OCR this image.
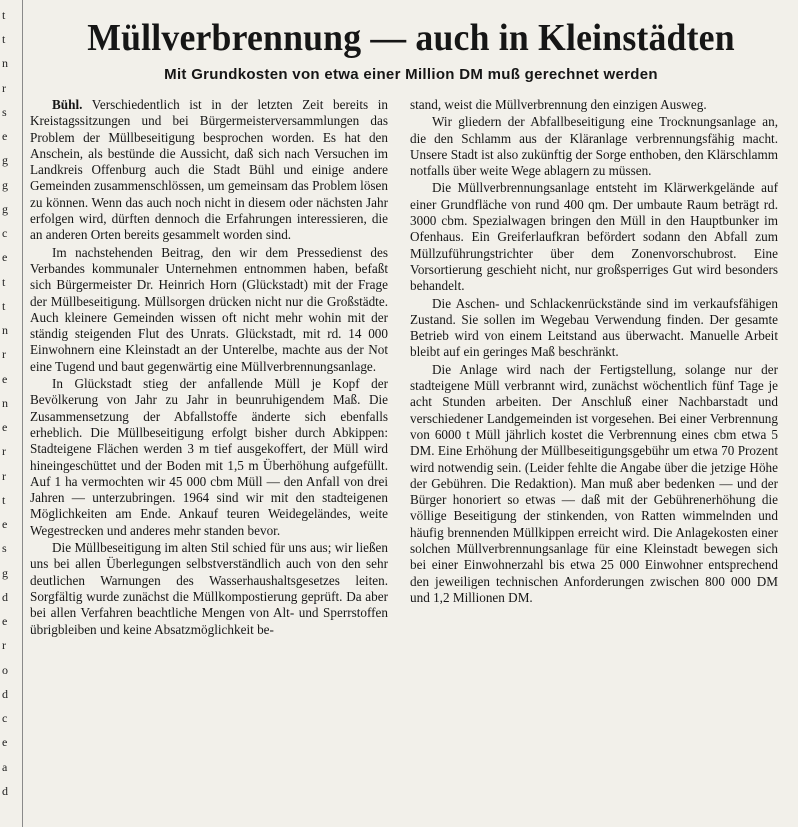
t
t
n
r
s
e
g
g
g
c
e
t
t
n
r
e
n
e
r
r
t
e
s
g
d
e
r
o
d
c
e
a
d
Müllverbrennung — auch in Kleinstädten
Mit Grundkosten von etwa einer Million DM muß gerechnet werden

Bühl. Verschiedentlich ist in der letzten Zeit bereits in Kreistagssitzungen und bei Bürgermeisterversammlungen das Problem der Müllbeseitigung besprochen worden. Es hat den Anschein, als bestünde die Aussicht, daß sich nach Versuchen im Landkreis Offenburg auch die Stadt Bühl und einige andere Gemeinden zusammenschlössen, um gemeinsam das Problem lösen zu können. Wenn das auch noch nicht in diesem oder nächsten Jahr erfolgen wird, dürften dennoch die Erfahrungen interessieren, die an anderen Orten bereits gesammelt worden sind.

Im nachstehenden Beitrag, den wir dem Pressedienst des Verbandes kommunaler Unternehmen entnommen haben, befaßt sich Bürgermeister Dr. Heinrich Horn (Glückstadt) mit der Frage der Müllbeseitigung. Müllsorgen drücken nicht nur die Großstädte. Auch kleinere Gemeinden wissen oft nicht mehr wohin mit der ständig steigenden Flut des Unrats. Glückstadt, mit rd. 14 000 Einwohnern eine Kleinstadt an der Unterelbe, machte aus der Not eine Tugend und baut gegenwärtig eine Müllverbrennungsanlage.

In Glückstadt stieg der anfallende Müll je Kopf der Bevölkerung von Jahr zu Jahr in beunruhigendem Maß. Die Zusammensetzung der Abfallstoffe änderte sich ebenfalls erheblich. Die Müllbeseitigung erfolgt bisher durch Abkippen: Stadteigene Flächen werden 3 m tief ausgekoffert, der Müll wird hineingeschüttet und der Boden mit 1,5 m Überhöhung aufgefüllt. Auf 1 ha vermochten wir 45 000 cbm Müll — den Anfall von drei Jahren — unterzubringen. 1964 sind wir mit den stadteigenen Möglichkeiten am Ende. Ankauf teuren Weidegeländes, weite Wegestrecken und anderes mehr standen bevor.

Die Müllbeseitigung im alten Stil schied für uns aus; wir ließen uns bei allen Überlegungen selbstverständlich auch von den sehr deutlichen Warnungen des Wasserhaushaltsgesetzes leiten. Sorgfältig wurde zunächst die Müllkompostierung geprüft. Da aber bei allen Verfahren beachtliche Mengen von Alt- und Sperrstoffen übrigbleiben und keine Absatzmöglichkeit be-

stand, weist die Müllverbrennung den einzigen Ausweg.

Wir gliedern der Abfallbeseitigung eine Trocknungsanlage an, die den Schlamm aus der Kläranlage verbrennungsfähig macht. Unsere Stadt ist also zukünftig der Sorge enthoben, den Klärschlamm notfalls über weite Wege ablagern zu müssen.

Die Müllverbrennungsanlage entsteht im Klärwerkgelände auf einer Grundfläche von rund 400 qm. Der umbaute Raum beträgt rd. 3000 cbm. Spezialwagen bringen den Müll in den Hauptbunker im Ofenhaus. Ein Greiferlaufkran befördert sodann den Abfall zum Müllzuführungstrichter über dem Zonenvorschubrost. Eine Vorsortierung geschieht nicht, nur großsperriges Gut wird besonders behandelt.

Die Aschen- und Schlackenrückstände sind im verkaufsfähigen Zustand. Sie sollen im Wegebau Verwendung finden. Der gesamte Betrieb wird von einem Leitstand aus überwacht. Manuelle Arbeit bleibt auf ein geringes Maß beschränkt.

Die Anlage wird nach der Fertigstellung, solange nur der stadteigene Müll verbrannt wird, zunächst wöchentlich fünf Tage je acht Stunden arbeiten. Der Anschluß einer Nachbarstadt und verschiedener Landgemeinden ist vorgesehen. Bei einer Verbrennung von 6000 t Müll jährlich kostet die Verbrennung eines cbm etwa 5 DM. Eine Erhöhung der Müllbeseitigungsgebühr um etwa 70 Prozent wird notwendig sein. (Leider fehlte die Angabe über die jetzige Höhe der Gebühren. Die Redaktion). Man muß aber bedenken — und der Bürger honoriert so etwas — daß mit der Gebührenerhöhung die völlige Beseitigung der stinkenden, von Ratten wimmelnden und häufig brennenden Müllkippen erreicht wird. Die Anlagekosten einer solchen Müllverbrennungsanlage für eine Kleinstadt bewegen sich bei einer Einwohnerzahl bis etwa 25 000 Einwohner entsprechend den jeweiligen technischen Anforderungen zwischen 800 000 DM und 1,2 Millionen DM.
